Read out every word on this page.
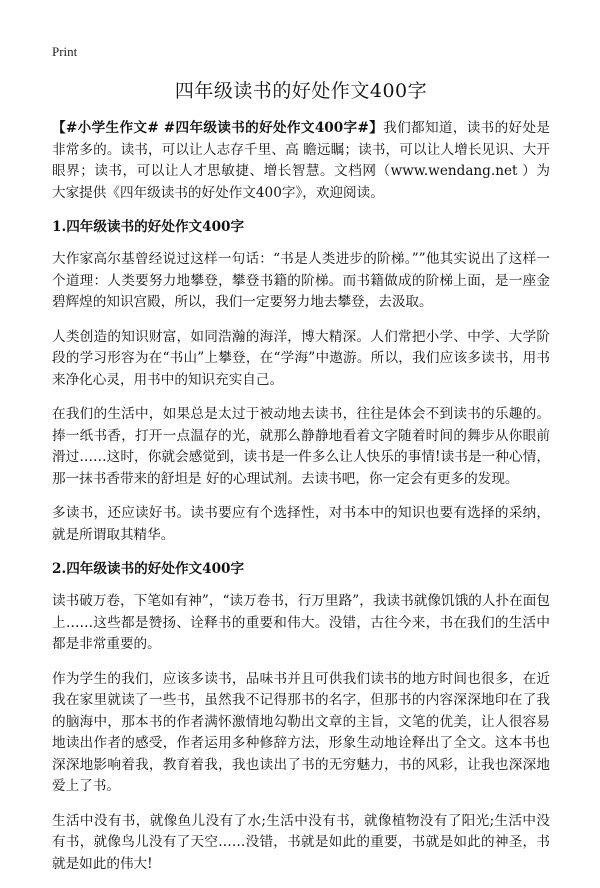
Print
四年级读书的好处作文400字

【#小学生作文# #四年级读书的好处作文400字#】我们都知道，读书的好处是非常多的。读书，可以让人志存千里、高 瞻远瞩；读书，可以让人增长见识、大开眼界；读书，可以让人才思敏捷、增长智慧。文档网（www.wendang.net ）为大家提供《四年级读书的好处作文400字》，欢迎阅读。

1.四年级读书的好处作文400字

大作家高尔基曾经说过这样一句话：“书是人类进步的阶梯。””他其实说出了这样一个道理：人类要努力地攀登，攀登书籍的阶梯。而书籍做成的阶梯上面，是一座金碧辉煌的知识宫殿，所以，我们一定要努力地去攀登，去汲取。

人类创造的知识财富，如同浩瀚的海洋，博大精深。人们常把小学、中学、大学阶段的学习形容为在“书山”上攀登，在“学海”中遨游。所以，我们应该多读书，用书来净化心灵，用书中的知识充实自己。

在我们的生活中，如果总是太过于被动地去读书，往往是体会不到读书的乐趣的。捧一纸书香，打开一点温存的光，就那么静静地看着文字随着时间的舞步从你眼前滑过……这时，你就会感觉到，读书是一件多么让人快乐的事情!读书是一种心情，那一抹书香带来的舒坦是 好的心理试剂。去读书吧，你一定会有更多的发现。

多读书，还应读好书。读书要应有个选择性，对书本中的知识也要有选择的采纳，就是所谓取其精华。

2.四年级读书的好处作文400字

读书破万卷，下笔如有神”，“读万卷书，行万里路”，我读书就像饥饿的人扑在面包上……这些都是赞扬、诠释书的重要和伟大。没错，古往今来，书在我们的生活中都是非常重要的。

作为学生的我们，应该多读书，品味书并且可供我们读书的地方时间也很多，在近我在家里就读了一些书，虽然我不记得那书的名字，但那书的内容深深地印在了我的脑海中，那本书的作者满怀激情地勾勒出文章的主旨，文笔的优美，让人很容易地读出作者的感受，作者运用多种修辞方法，形象生动地诠释出了全文。这本书也深深地影响着我，教育着我，我也读出了书的无穷魅力，书的风彩，让我也深深地爱上了书。

生活中没有书，就像鱼儿没有了水;生活中没有书，就像植物没有了阳光;生活中没有书，就像鸟儿没有了天空……没错，书就是如此的重要，书就是如此的神圣，书就是如此的伟大!
